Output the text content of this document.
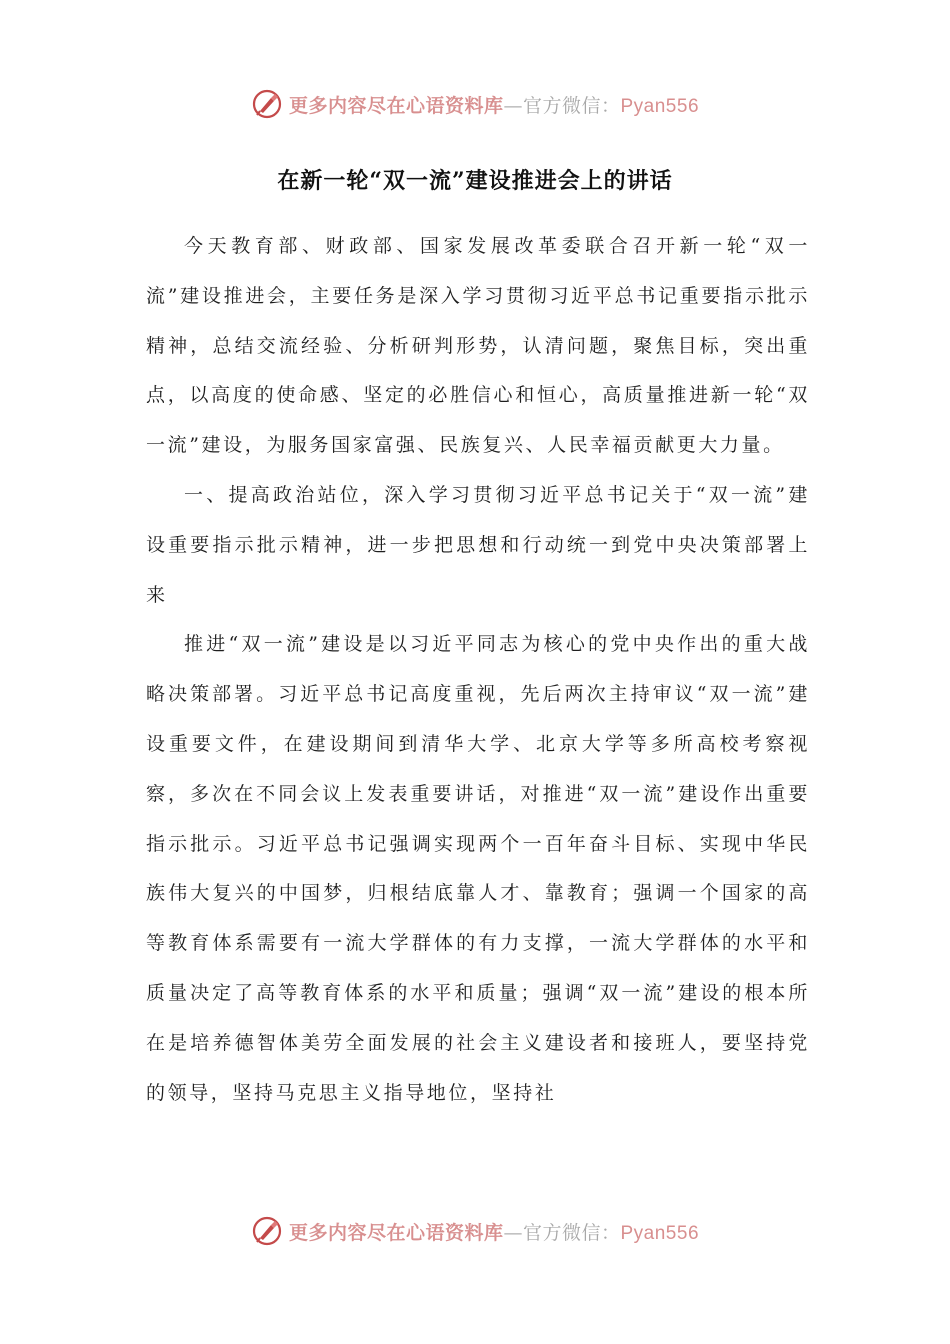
更多内容尽在心语资料库—官方微信：Pyan556
在新一轮“双一流”建设推进会上的讲话

今天教育部、财政部、国家发展改革委联合召开新一轮“双一流”建设推进会，主要任务是深入学习贯彻习近平总书记重要指示批示精神，总结交流经验、分析研判形势，认清问题，聚焦目标，突出重点，以高度的使命感、坚定的必胜信心和恒心，高质量推进新一轮“双一流”建设，为服务国家富强、民族复兴、人民幸福贡献更大力量。

一、提高政治站位，深入学习贯彻习近平总书记关于“双一流”建设重要指示批示精神，进一步把思想和行动统一到党中央决策部署上来

推进“双一流”建设是以习近平同志为核心的党中央作出的重大战略决策部署。习近平总书记高度重视，先后两次主持审议“双一流”建设重要文件，在建设期间到清华大学、北京大学等多所高校考察视察，多次在不同会议上发表重要讲话，对推进“双一流”建设作出重要指示批示。习近平总书记强调实现两个一百年奋斗目标、实现中华民族伟大复兴的中国梦，归根结底靠人才、靠教育；强调一个国家的高等教育体系需要有一流大学群体的有力支撑，一流大学群体的水平和质量决定了高等教育体系的水平和质量；强调“双一流”建设的根本所在是培养德智体美劳全面发展的社会主义建设者和接班人，要坚持党的领导，坚持马克思主义指导地位，坚持社

更多内容尽在心语资料库—官方微信：Pyan556
